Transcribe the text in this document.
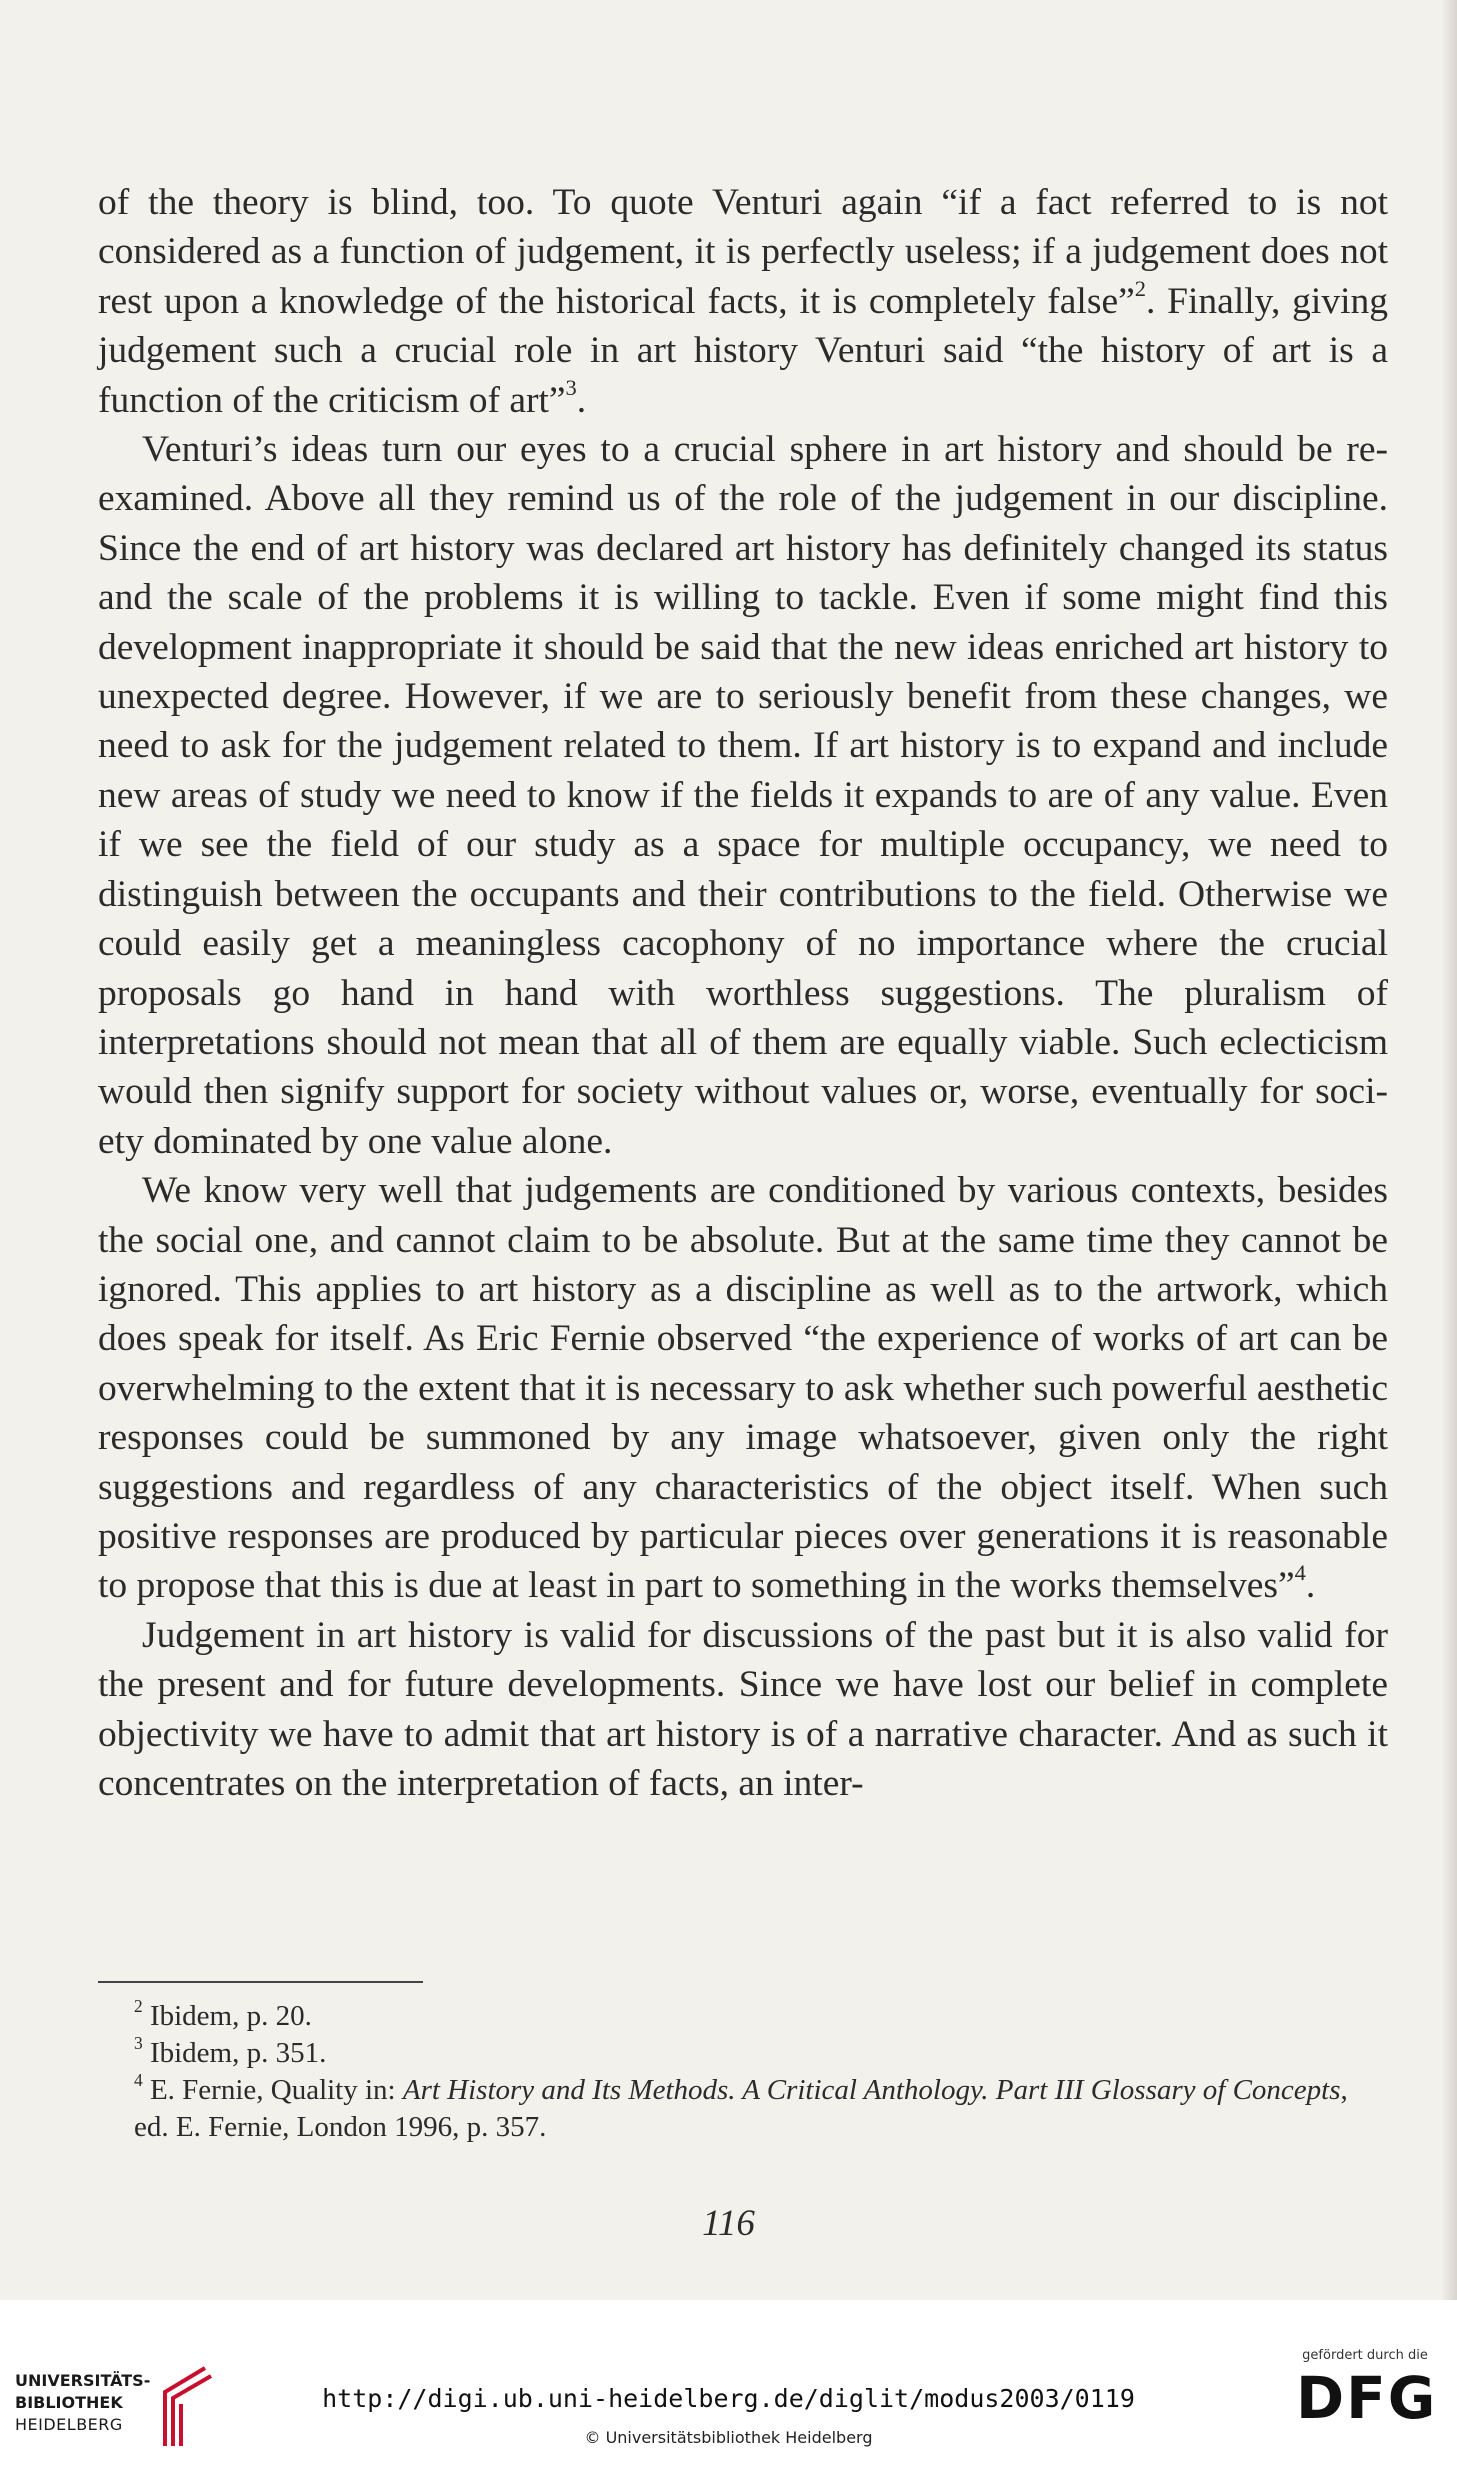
of the theory is blind, too. To quote Venturi again “if a fact referred to is not considered as a function of judgement, it is perfectly useless; if a judgement does not rest upon a knowledge of the historical facts, it is completely false”$^2$. Finally, giving judgement such a crucial role in art history Venturi said “the history of art is a function of the criticism of art”$^3$.

Venturi’s ideas turn our eyes to a crucial sphere in art history and should be re-examined. Above all they remind us of the role of the judgement in our discipline. Since the end of art history was declared art history has definitely changed its status and the scale of the problems it is willing to tackle. Even if some might find this development inappropriate it should be said that the new ideas enriched art history to unexpected degree. However, if we are to seriously benefit from these changes, we need to ask for the judgement related to them. If art history is to expand and include new areas of study we need to know if the fields it expands to are of any value. Even if we see the field of our study as a space for multiple occupancy, we need to distinguish between the occupants and their contributions to the field. Otherwise we could easily get a meaningless cacophony of no importance where the crucial proposals go hand in hand with worthless suggestions. The pluralism of interpretations should not mean that all of them are equally viable. Such eclecticism would then signify support for society without values or, worse, eventually for society dominated by one value alone.

We know very well that judgements are conditioned by various contexts, besides the social one, and cannot claim to be absolute. But at the same time they cannot be ignored. This applies to art history as a discipline as well as to the artwork, which does speak for itself. As Eric Fernie observed “the experience of works of art can be overwhelming to the extent that it is necessary to ask whether such powerful aesthetic responses could be summoned by any image whatsoever, given only the right suggestions and regardless of any characteristics of the object itself. When such positive responses are produced by particular pieces over generations it is reasonable to propose that this is due at least in part to something in the works themselves”$^4$.

Judgement in art history is valid for discussions of the past but it is also valid for the present and for future developments. Since we have lost our belief in complete objectivity we have to admit that art history is of a narrative character. And as such it concentrates on the interpretation of facts, an inter-

$^2$ Ibidem, p. 20.

$^3$ Ibidem, p. 351.

$^4$ E. Fernie, Quality in: Art History and Its Methods. A Critical Anthology. Part III Glossary of Concepts, ed. E. Fernie, London 1996, p. 357.

116
UNIVERSITÄTS-
BIBLIOTHEK
HEIDELBERG
http://digi.ub.uni-heidelberg.de/diglit/modus2003/0119
© Universitätsbibliothek Heidelberg
gefördert durch die
DFG
